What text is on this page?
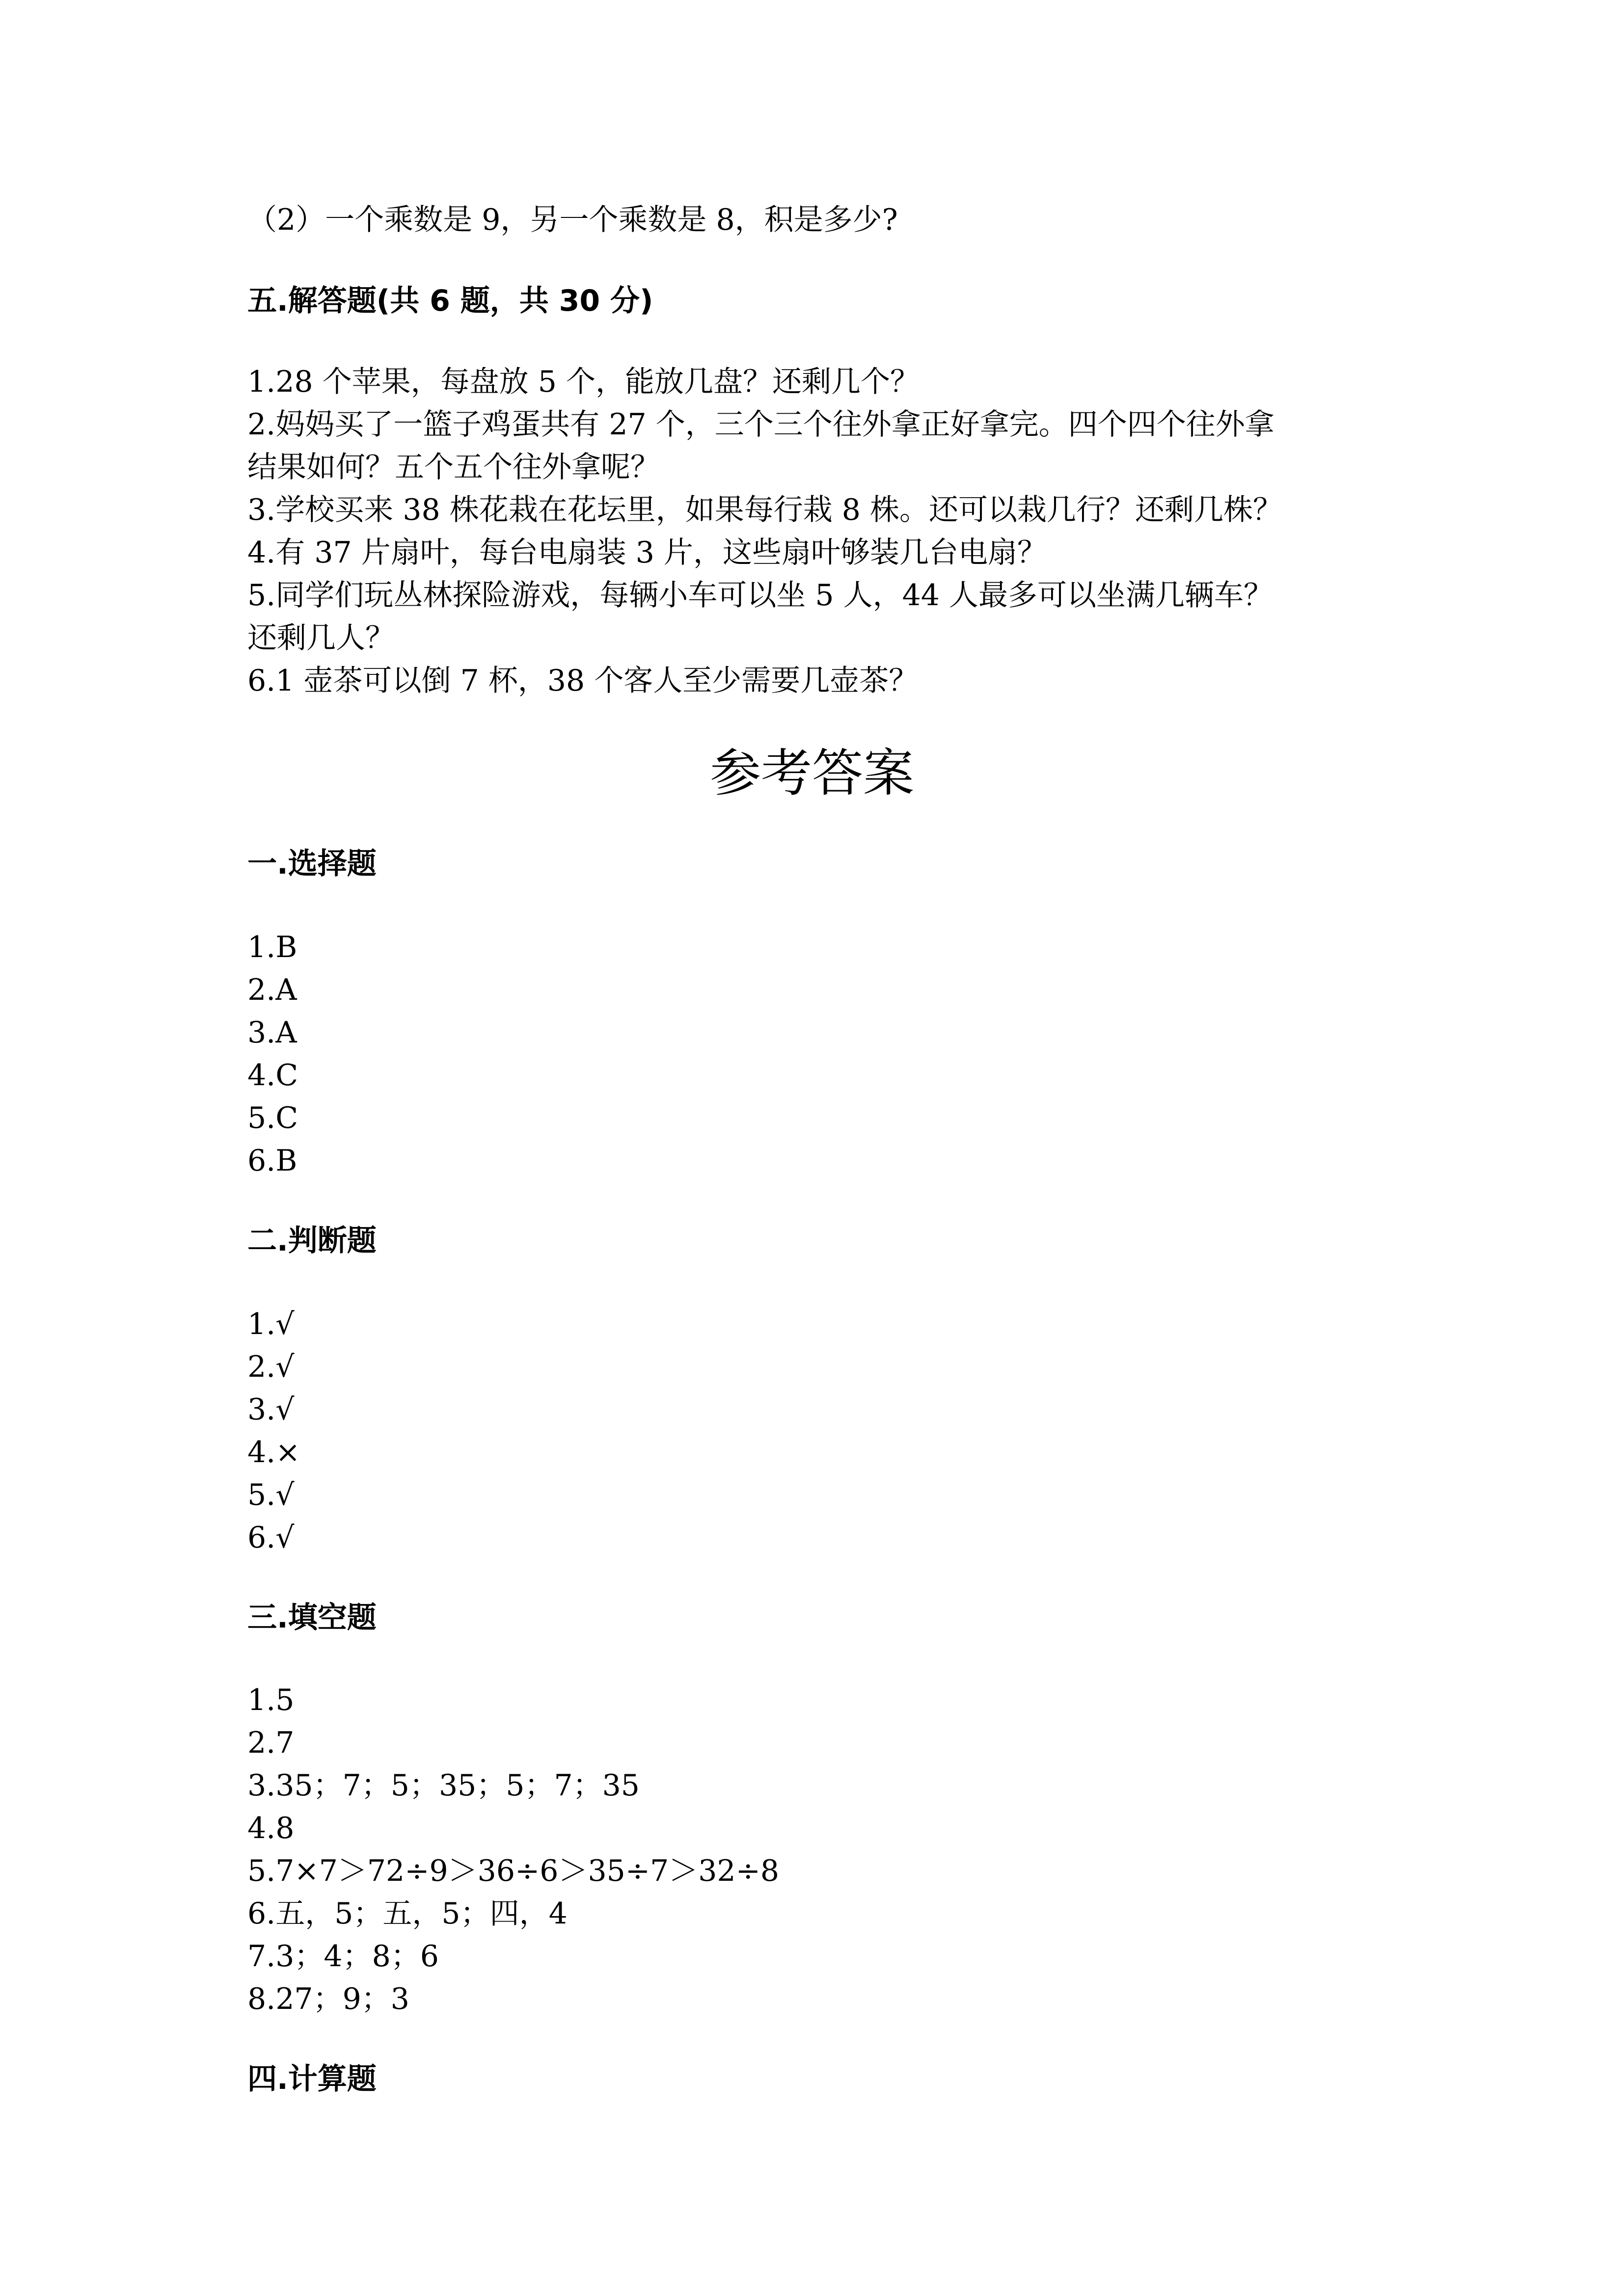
（2）一个乘数是 9，另一个乘数是 8，积是多少?
五.解答题(共 6 题，共 30 分)
1.28 个苹果，每盘放 5 个，能放几盘？还剩几个？
2.妈妈买了一篮子鸡蛋共有 27 个，三个三个往外拿正好拿完。四个四个往外拿
结果如何？五个五个往外拿呢？
3.学校买来 38 株花栽在花坛里，如果每行栽 8 株。还可以栽几行？还剩几株？
4.有 37 片扇叶，每台电扇装 3 片，这些扇叶够装几台电扇？
5.同学们玩丛林探险游戏，每辆小车可以坐 5 人，44 人最多可以坐满几辆车？
还剩几人？
6.1 壶茶可以倒 7 杯，38 个客人至少需要几壶茶？
参考答案
一.选择题
1.B
2.A
3.A
4.C
5.C
6.B
二.判断题
1.√
2.√
3.√
4.×
5.√
6.√
三.填空题
1.5
2.7
3.35；7；5；35；5；7；35
4.8
5.7×7＞72÷9＞36÷6＞35÷7＞32÷8
6.五，5；五，5；四，4
7.3；4；8；6
8.27；9；3
四.计算题
